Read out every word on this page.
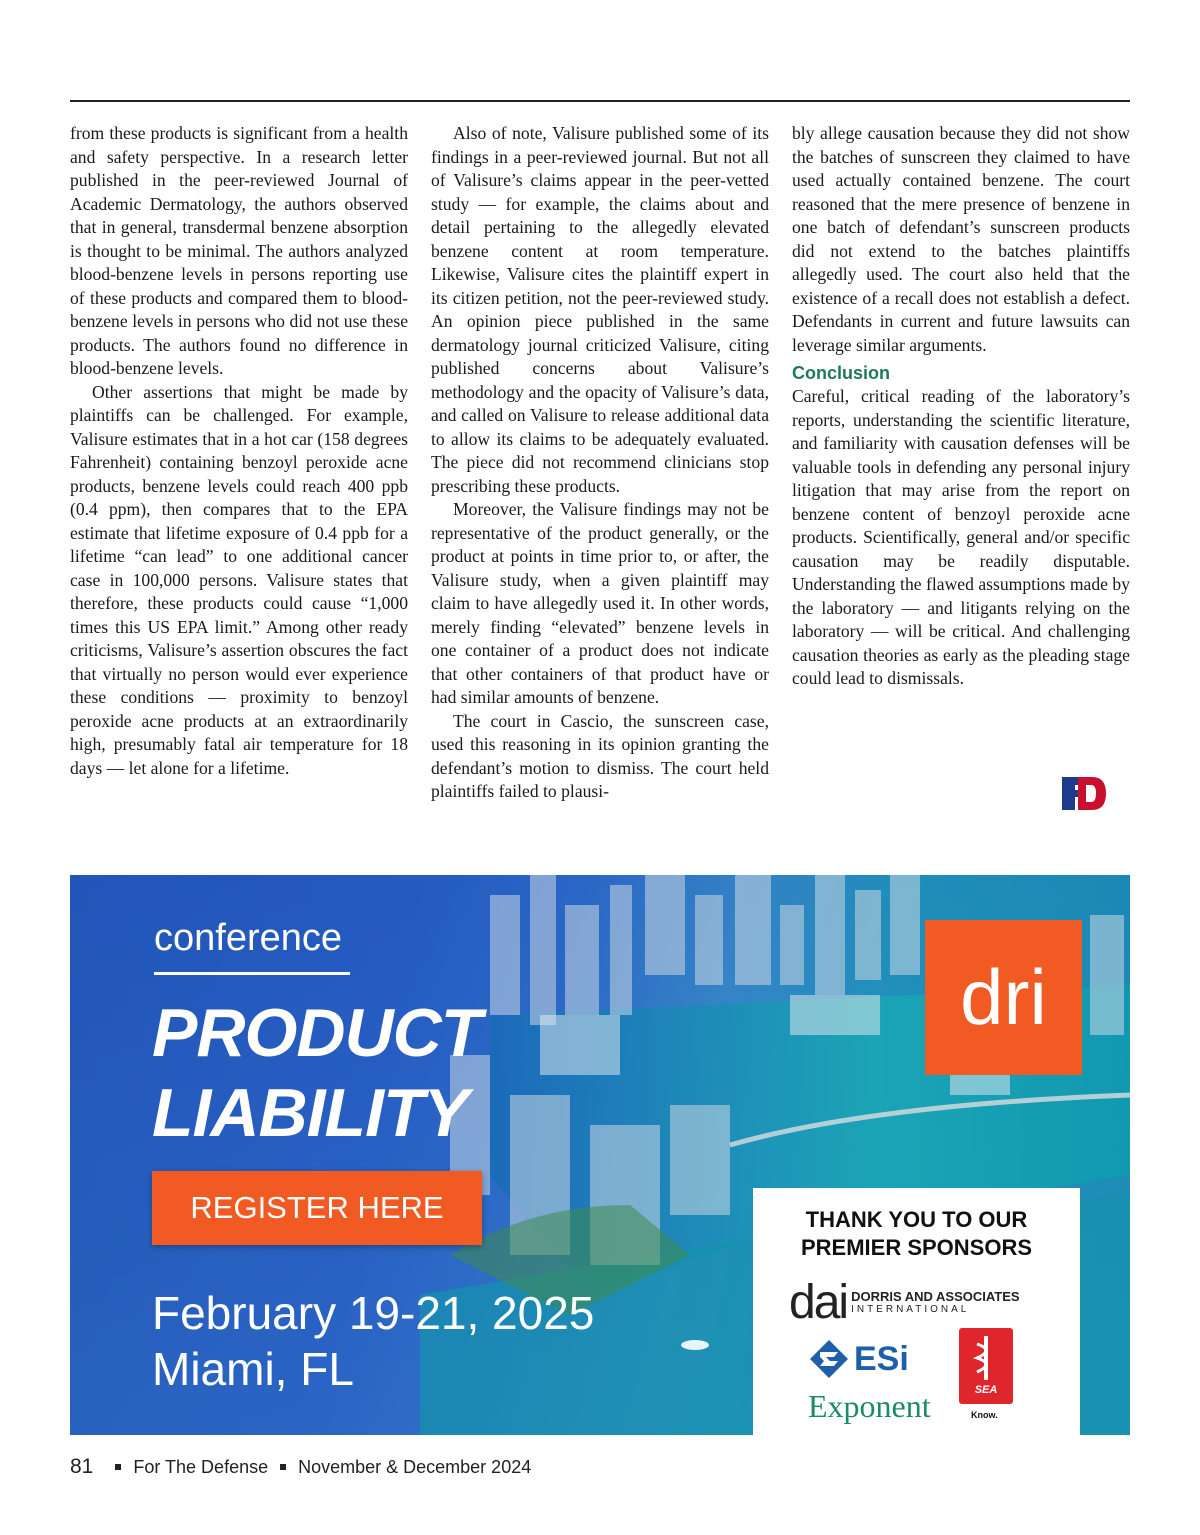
from these products is significant from a health and safety perspective. In a research letter published in the peer-reviewed Journal of Academic Dermatology, the authors observed that in general, transdermal benzene absorption is thought to be minimal. The authors analyzed blood-benzene levels in persons reporting use of these products and compared them to blood-benzene levels in persons who did not use these products. The authors found no difference in blood-benzene levels.

Other assertions that might be made by plaintiffs can be challenged. For example, Valisure estimates that in a hot car (158 degrees Fahrenheit) containing benzoyl peroxide acne products, benzene levels could reach 400 ppb (0.4 ppm), then compares that to the EPA estimate that lifetime exposure of 0.4 ppb for a lifetime “can lead” to one additional cancer case in 100,000 persons. Valisure states that therefore, these products could cause “1,000 times this US EPA limit.” Among other ready criticisms, Valisure’s assertion obscures the fact that virtually no person would ever experience these conditions — proximity to benzoyl peroxide acne products at an extraordinarily high, presumably fatal air temperature for 18 days — let alone for a lifetime.

Also of note, Valisure published some of its findings in a peer-reviewed journal. But not all of Valisure’s claims appear in the peer-vetted study — for example, the claims about and detail pertaining to the allegedly elevated benzene content at room temperature. Likewise, Valisure cites the plaintiff expert in its citizen petition, not the peer-reviewed study. An opinion piece published in the same dermatology journal criticized Valisure, citing published concerns about Valisure’s methodology and the opacity of Valisure’s data, and called on Valisure to release additional data to allow its claims to be adequately evaluated. The piece did not recommend clinicians stop prescribing these products.

Moreover, the Valisure findings may not be representative of the product generally, or the product at points in time prior to, or after, the Valisure study, when a given plaintiff may claim to have allegedly used it. In other words, merely finding “elevated” benzene levels in one container of a product does not indicate that other containers of that product have or had similar amounts of benzene.

The court in Cascio, the sunscreen case, used this reasoning in its opinion granting the defendant’s motion to dismiss. The court held plaintiffs failed to plausi-

bly allege causation because they did not show the batches of sunscreen they claimed to have used actually contained benzene. The court reasoned that the mere presence of benzene in one batch of defendant’s sunscreen products did not extend to the batches plaintiffs allegedly used. The court also held that the existence of a recall does not establish a defect. Defendants in current and future lawsuits can leverage similar arguments.

Conclusion

Careful, critical reading of the laboratory’s reports, understanding the scientific literature, and familiarity with causation defenses will be valuable tools in defending any personal injury litigation that may arise from the report on benzene content of benzoyl peroxide acne products. Scientifically, general and/or specific causation may be readily disputable. Understanding the flawed assumptions made by the laboratory — and litigants relying on the laboratory — will be critical. And challenging causation theories as early as the pleading stage could lead to dismissals.

conference
PRODUCT
LIABILITY
REGISTER HERE
February 19-21, 2025
Miami, FL
dri
THANK YOU TO OUR
PREMIER SPONSORS
dai DORRIS AND ASSOCIATES
INTERNATIONAL
ESi
Exponent	SEA
Know.
81 For The Defense November & December 2024
